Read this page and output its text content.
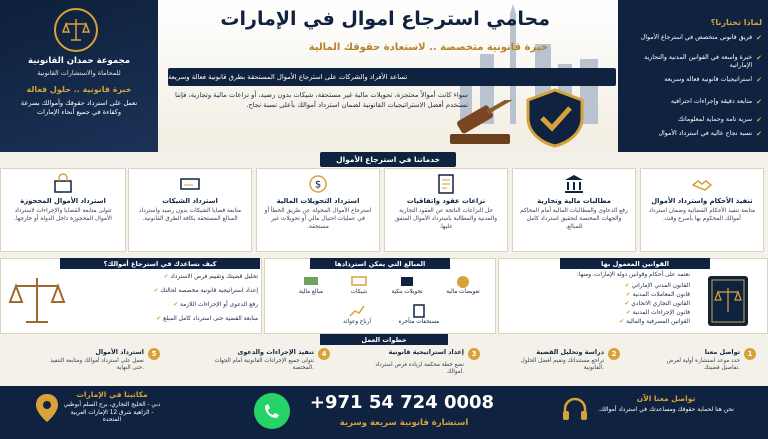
مجموعة حمدان القانونية
للمحاماة والاستشارات القانونية
خبرة قانونية .. حلول فعالة
نعمل على استرداد حقوقك وأموالك بسرعة وكفاءة في جميع أنحاء الإمارات
محامي استرجاع اموال في الإمارات
خبرة قانونية متخصصة .. لاستعادة حقوقك المالية
تساعد الأفراد والشركات على استرجاع الأموال المستحقة بطرق قانونية فعالة وسريعة
سواء كانت أموالاً محتجزة، تحويلات مالية غير مستحقة، شيكات بدون رصيد، أو نزاعات مالية وتجارية، فإننا نستخدم أفضل الاستراتيجيات القانونية لضمان استرداد أموالك بأعلى نسبة نجاح.
لماذا تختارنا؟
✔
فريق قانوني متخصص في استرجاع الأموال
✔
خبرة واسعة في القوانين المدنية والتجارية الإماراتية
✔
استراتيجيات قانونية فعالة وسريعة
✔
متابعة دقيقة وإجراءات احترافية
✔
سرية تامة وحماية لمعلوماتك
✔
نسبة نجاح عالية في استرداد الأموال
خدماتنا في استرجاع الأموال
تنفيذ الأحكام واسترداد الأموال
متابعة تنفيذ الأحكام القضائية وضمان استرداد أموالك المحكوم بها بأسرع وقت.
مطالبات مالية وتجارية
رفع الدعاوى والمطالبات المالية أمام المحاكم والجهات المختصة لتحقيق استرداد كامل للمبالغ.
نزاعات عقود واتفاقيات
حل النزاعات الناتجة عن العقود التجارية والمدنية والمطالبة باسترداد الأموال المتفق عليها.
$
استرداد التحويلات المالية
استرجاع الأموال المحولة عن طريق الخطأ أو في عمليات احتيال مالي أو تحويلات غير مستحقة.
استرداد الشيكات
متابعة قضايا الشيكات بدون رصيد واسترداد المبالغ المستحقة بكافة الطرق القانونية.
استرداد الأموال المحجوزة
تتولى متابعة القضايا والإجراءات لاسترداد الأموال المحجوزة داخل الدولة أو خارجها.
كيف نساعدك في استرجاع أموالك؟
✔ تحليل قضيتك وتقييم فرص الاسترداد
✔ إعداد استراتيجية قانونية مخصصة لحالتك
✔ رفع الدعوى أو الإجراءات اللازمة
✔ متابعة القضية حتى استرداد كامل المبلغ
المبالغ التي يمكن استردادها
تعويضات مالية
تحويلات بنكية
شيكات
مبالغ مالية
مستحقات متأخرة
أرباح وعوائد
القوانين المعمول بها
نعتمد على أحكام وقوانين دولة الإمارات، ومنها:
✔ القانون المدني الإماراتي
✔ قانون المعاملات المدنية
✔ القانون التجاري الاتحادي
✔ قانون الإجراءات المدنية
✔ القوانين المصرفية والمالية
خطوات العمل
1
تواصل معنا
حدد موعد استشارة أولية لعرض تفاصيل قضيتك.
2
دراسة وتحليل القضية
نراجع مستنداتك ونقيم أفضل الحلول القانونية.
3
إعداد استراتيجية قانونية
نضع خطة محكمة لزيادة فرص استرداد أموالك.
4
تنفيذ الإجراءات والدعوى
نتولى جميع الإجراءات القانونية أمام الجهات المختصة.
5
استرداد الأموال
نعمل على استرداد أموالك ومتابعة التنفيذ حتى النهاية.
مكاتبنا في الإمارات
دبي - الخليج التجاري، برج السلم أبوظبي - الزاهية شرق 12 الإمارات العربية المتحدة
+971 54 724 0008
استشارة قانونية سريعة وسرية
تواصل معنا الآن
نحن هنا لحماية حقوقك ومساعدتك في استرداد أموالك.
